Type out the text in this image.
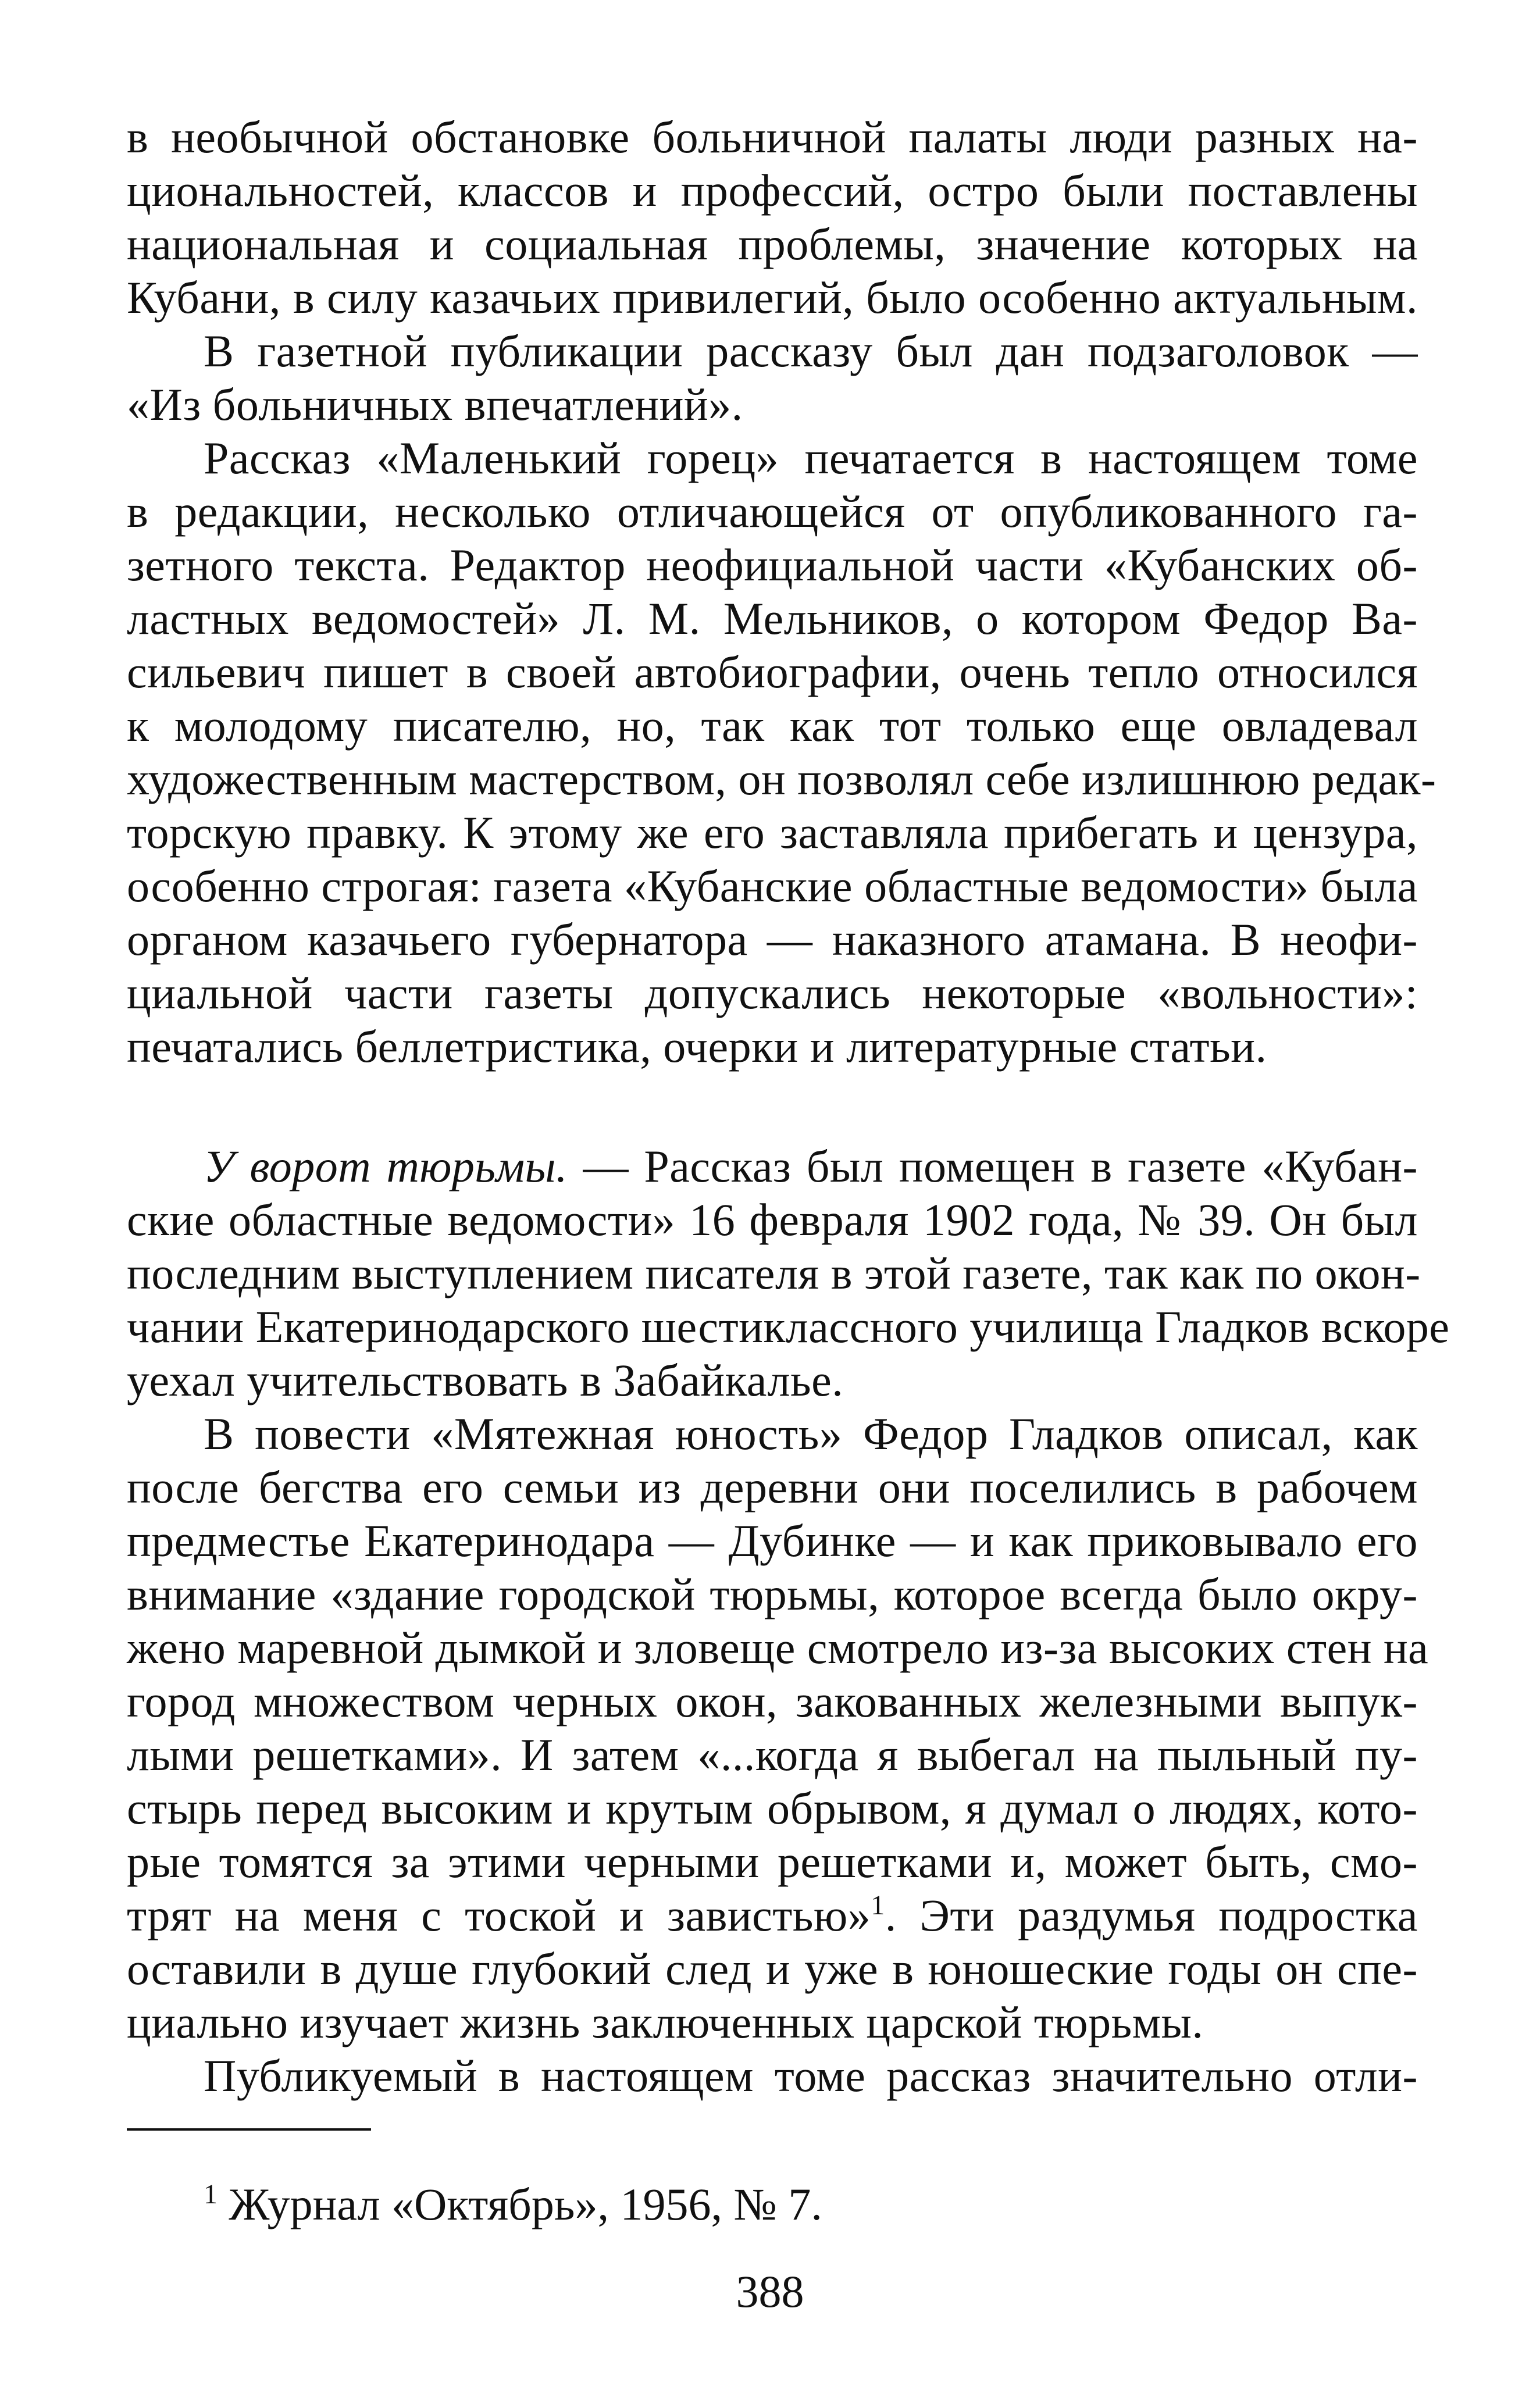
в необычной обстановке больничной палаты люди разных на-
циональностей, классов и профессий, остро были поставлены
национальная и социальная проблемы, значение которых на
Кубани, в силу казачьих привилегий, было особенно актуальным.
В газетной публикации рассказу был дан подзаголовок —
«Из больничных впечатлений».
Рассказ «Маленький горец» печатается в настоящем томе
в редакции, несколько отличающейся от опубликованного га-
зетного текста. Редактор неофициальной части «Кубанских об-
ластных ведомостей» Л. М. Мельников, о котором Федор Ва-
сильевич пишет в своей автобиографии, очень тепло относился
к молодому писателю, но, так как тот только еще овладевал
художественным мастерством, он позволял себе излишнюю редак-
торскую правку. К этому же его заставляла прибегать и цензура,
особенно строгая: газета «Кубанские областные ведомости» была
органом казачьего губернатора — наказного атамана. В неофи-
циальной части газеты допускались некоторые «вольности»:
печатались беллетристика, очерки и литературные статьи.
У ворот тюрьмы. — Рассказ был помещен в газете «Кубан-
ские областные ведомости» 16 февраля 1902 года, № 39. Он был
последним выступлением писателя в этой газете, так как по окон-
чании Екатеринодарского шестиклассного училища Гладков вскоре
уехал учительствовать в Забайкалье.
В повести «Мятежная юность» Федор Гладков описал, как
после бегства его семьи из деревни они поселились в рабочем
предместье Екатеринодара — Дубинке — и как приковывало его
внимание «здание городской тюрьмы, которое всегда было окру-
жено маревной дымкой и зловеще смотрело из-за высоких стен на
город множеством черных окон, закованных железными выпук-
лыми решетками». И затем «...когда я выбегал на пыльный пу-
стырь перед высоким и крутым обрывом, я думал о людях, кото-
рые томятся за этими черными решетками и, может быть, смо-
трят на меня с тоской и завистью»$^1$. Эти раздумья подростка
оставили в душе глубокий след и уже в юношеские годы он спе-
циально изучает жизнь заключенных царской тюрьмы.
Публикуемый в настоящем томе рассказ значительно отли-
$^1$ Журнал «Октябрь», 1956, № 7.
388
